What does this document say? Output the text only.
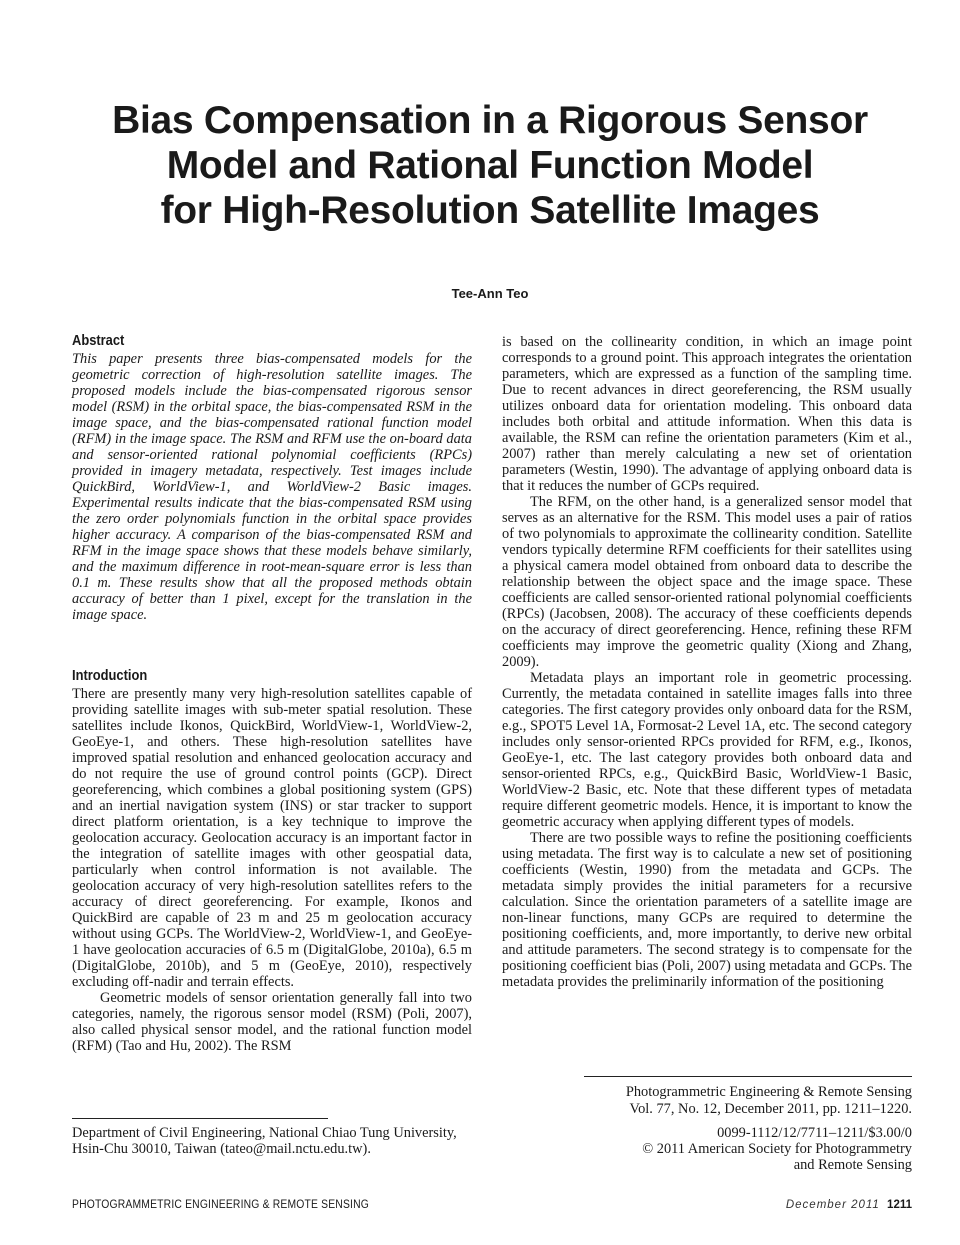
Bias Compensation in a Rigorous Sensor
Model and Rational Function Model
for High-Resolution Satellite Images
Tee-Ann Teo
Abstract

This paper presents three bias-compensated models for the geometric correction of high-resolution satellite images. The proposed models include the bias-compensated rigorous sensor model (RSM) in the orbital space, the bias-compensated RSM in the image space, and the bias-compensated rational function model (RFM) in the image space. The RSM and RFM use the on-board data and sensor-oriented rational polynomial coefficients (RPCs) provided in imagery metadata, respectively. Test images include QuickBird, WorldView-1, and WorldView-2 Basic images. Experimental results indicate that the bias-compensated RSM using the zero order polynomials function in the orbital space provides higher accuracy. A comparison of the bias-compensated RSM and RFM in the image space shows that these models behave similarly, and the maximum difference in root-mean-square error is less than 0.1 m. These results show that all the proposed methods obtain accuracy of better than 1 pixel, except for the translation in the image space.

Introduction

There are presently many very high-resolution satellites capable of providing satellite images with sub-meter spatial resolution. These satellites include Ikonos, QuickBird, WorldView-1, WorldView-2, GeoEye-1, and others. These high-resolution satellites have improved spatial resolution and enhanced geolocation accuracy and do not require the use of ground control points (GCP). Direct georeferencing, which combines a global positioning system (GPS) and an inertial navigation system (INS) or star tracker to support direct platform orientation, is a key technique to improve the geolocation accuracy. Geolocation accuracy is an important factor in the integration of satellite images with other geospatial data, particularly when control information is not available. The geolocation accuracy of very high-resolution satellites refers to the accuracy of direct georeferencing. For example, Ikonos and QuickBird are capable of 23 m and 25 m geolocation accuracy without using GCPs. The WorldView-2, WorldView-1, and GeoEye-1 have geolocation accuracies of 6.5 m (DigitalGlobe, 2010a), 6.5 m (DigitalGlobe, 2010b), and 5 m (GeoEye, 2010), respectively excluding off-nadir and terrain effects.

Geometric models of sensor orientation generally fall into two categories, namely, the rigorous sensor model (RSM) (Poli, 2007), also called physical sensor model, and the rational function model (RFM) (Tao and Hu, 2002). The RSM

is based on the collinearity condition, in which an image point corresponds to a ground point. This approach integrates the orientation parameters, which are expressed as a function of the sampling time. Due to recent advances in direct georeferencing, the RSM usually utilizes onboard data for orientation modeling. This onboard data includes both orbital and attitude information. When this data is available, the RSM can refine the orientation parameters (Kim et al., 2007) rather than merely calculating a new set of orientation parameters (Westin, 1990). The advantage of applying onboard data is that it reduces the number of GCPs required.

The RFM, on the other hand, is a generalized sensor model that serves as an alternative for the RSM. This model uses a pair of ratios of two polynomials to approximate the collinearity condition. Satellite vendors typically determine RFM coefficients for their satellites using a physical camera model obtained from onboard data to describe the relationship between the object space and the image space. These coefficients are called sensor-oriented rational polynomial coefficients (RPCs) (Jacobsen, 2008). The accuracy of these coefficients depends on the accuracy of direct georeferencing. Hence, refining these RFM coefficients may improve the geometric quality (Xiong and Zhang, 2009).

Metadata plays an important role in geometric processing. Currently, the metadata contained in satellite images falls into three categories. The first category provides only onboard data for the RSM, e.g., SPOT5 Level 1A, Formosat-2 Level 1A, etc. The second category includes only sensor-oriented RPCs provided for RFM, e.g., Ikonos, GeoEye-1, etc. The last category provides both onboard data and sensor-oriented RPCs, e.g., QuickBird Basic, WorldView-1 Basic, WorldView-2 Basic, etc. Note that these different types of metadata require different geometric models. Hence, it is important to know the geometric accuracy when applying different types of models.

There are two possible ways to refine the positioning coefficients using metadata. The first way is to calculate a new set of positioning coefficients (Westin, 1990) from the metadata and GCPs. The metadata simply provides the initial parameters for a recursive calculation. Since the orientation parameters of a satellite image are non-linear functions, many GCPs are required to determine the positioning coefficients, and, more importantly, to derive new orbital and attitude parameters. The second strategy is to compensate for the positioning coefficient bias (Poli, 2007) using metadata and GCPs. The metadata provides the preliminarily information of the positioning

Photogrammetric Engineering & Remote Sensing
Vol. 77, No. 12, December 2011, pp. 1211–1220.
0099-1112/12/7711–1211/$3.00/0
© 2011 American Society for Photogrammetry
and Remote Sensing
Department of Civil Engineering, National Chiao Tung University, Hsin-Chu 30010, Taiwan (tateo@mail.nctu.edu.tw).
PHOTOGRAMMETRIC ENGINEERING & REMOTE SENSING	December 2011 1211
